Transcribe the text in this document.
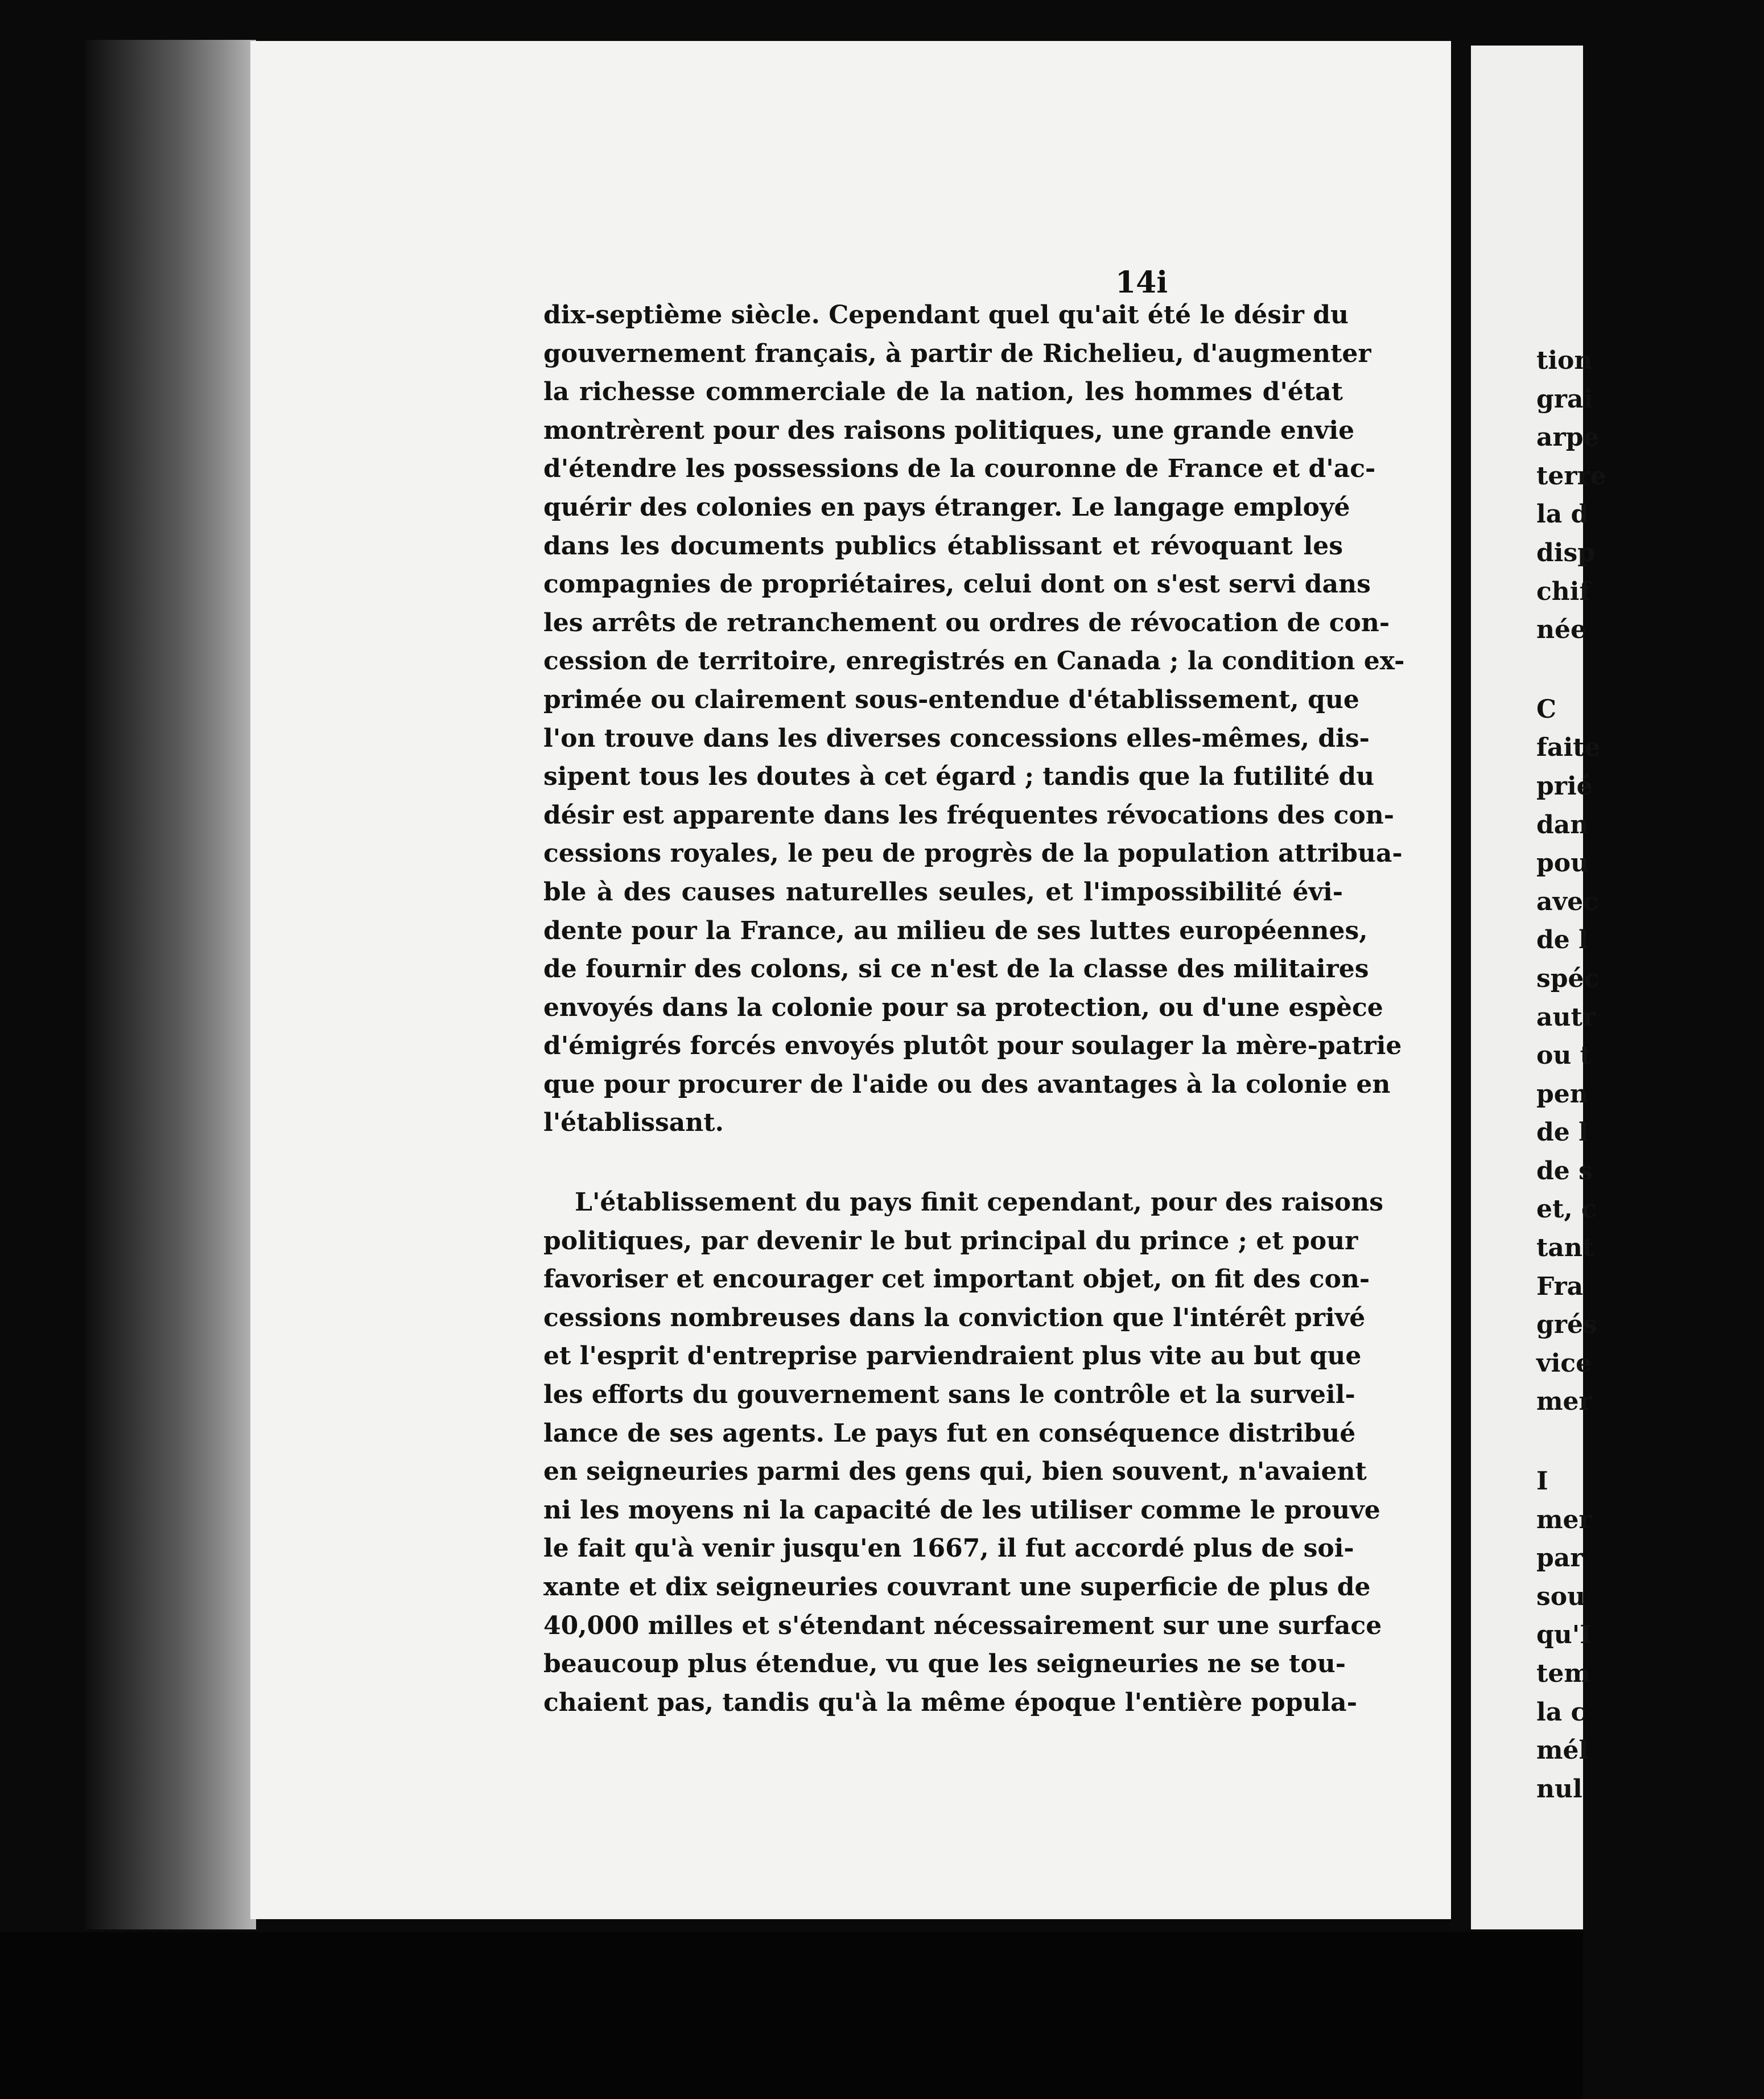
14i

dix-septième siècle. Cependant quel qu'ait été le désir du
gouvernement français, à partir de Richelieu, d'augmenter
la richesse commerciale de la nation, les hommes d'état
montrèrent pour des raisons politiques, une grande envie
d'étendre les possessions de la couronne de France et d'ac-
quérir des colonies en pays étranger. Le langage employé
dans les documents publics établissant et révoquant les
compagnies de propriétaires, celui dont on s'est servi dans
les arrêts de retranchement ou ordres de révocation de con-
cession de territoire, enregistrés en Canada ; la condition ex-
primée ou clairement sous-entendue d'établissement, que
l'on trouve dans les diverses concessions elles-mêmes, dis-
sipent tous les doutes à cet égard ; tandis que la futilité du
désir est apparente dans les fréquentes révocations des con-
cessions royales, le peu de progrès de la population attribua-
ble à des causes naturelles seules, et l'impossibilité évi-
dente pour la France, au milieu de ses luttes européennes,
de fournir des colons, si ce n'est de la classe des militaires
envoyés dans la colonie pour sa protection, ou d'une espèce
d'émigrés forcés envoyés plutôt pour soulager la mère-patrie
que pour procurer de l'aide ou des avantages à la colonie en
l'établissant.

L'établissement du pays finit cependant, pour des raisons
politiques, par devenir le but principal du prince ; et pour
favoriser et encourager cet important objet, on fit des con-
cessions nombreuses dans la conviction que l'intérêt privé
et l'esprit d'entreprise parviendraient plus vite au but que
les efforts du gouvernement sans le contrôle et la surveil-
lance de ses agents. Le pays fut en conséquence distribué
en seigneuries parmi des gens qui, bien souvent, n'avaient
ni les moyens ni la capacité de les utiliser comme le prouve
le fait qu'à venir jusqu'en 1667, il fut accordé plus de soi-
xante et dix seigneuries couvrant une superficie de plus de
40,000 milles et s'étendant nécessairement sur une surface
beaucoup plus étendue, vu que les seigneuries ne se tou-
chaient pas, tandis qu'à la même époque l'entière popula-

tion
grai
arpe
terre
la d
disp
chif
née
C
faite
prié
dan
pou
avec
de l
spéc
autr
ou t
pen
de l
de s
et, c
tant
Fra
grés
vice
mer
I
mer
par
sou
qu'I
tem
la c
mél
nul
